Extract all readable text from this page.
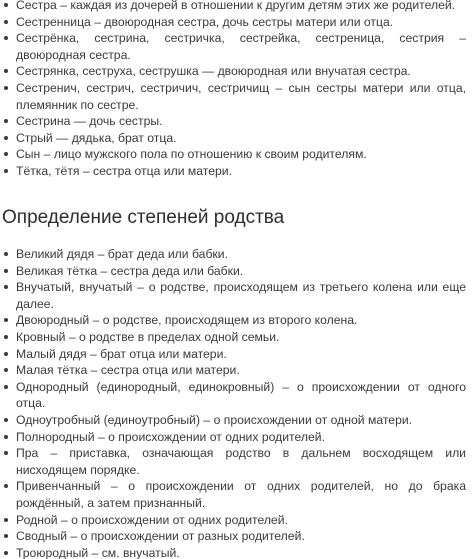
Сестра – каждая из дочерей в отношении к другим детям этих же родителей.
Сестренница – двоюродная сестра, дочь сестры матери или отца.
Сестрёнка, сестрина, сестричка, сестрейка, сестреница, сестрия – двоюродная сестра.
Сестрянка, сеструха, сеструшка — двоюродная или внучатая сестра.
Сестренич, сестрич, сестричич, сестричищ – сын сестры матери или отца, племянник по сестре.
Сестрина — дочь сестры.
Стрый — дядька, брат отца.
Сын – лицо мужского пола по отношению к своим родителям.
Тётка, тётя – сестра отца или матери.
Определение степеней родства
Великий дядя – брат деда или бабки.
Великая тётка – сестра деда или бабки.
Внучатый, внучатый – о родстве, происходящем из третьего колена или еще далее.
Двоюродный – о родстве, происходящем из второго колена.
Кровный – о родстве в пределах одной семьи.
Малый дядя – брат отца или матери.
Малая тётка – сестра отца или матери.
Однородный (единородный, единокровный) – о происхождении от одного отца.
Одноутробный (единоутробный) – о происхождении от одной матери.
Полнородный – о происхождении от одних родителей.
Пра – приставка, означающая родство в дальнем восходящем или нисходящем порядке.
Привенчанный – о происхождении от одних родителей, но до брака рождённый, а затем признанный.
Родной – о происхождении от одних родителей.
Сводный – о происхождении от разных родителей.
Троюродный – см. внучатый.
